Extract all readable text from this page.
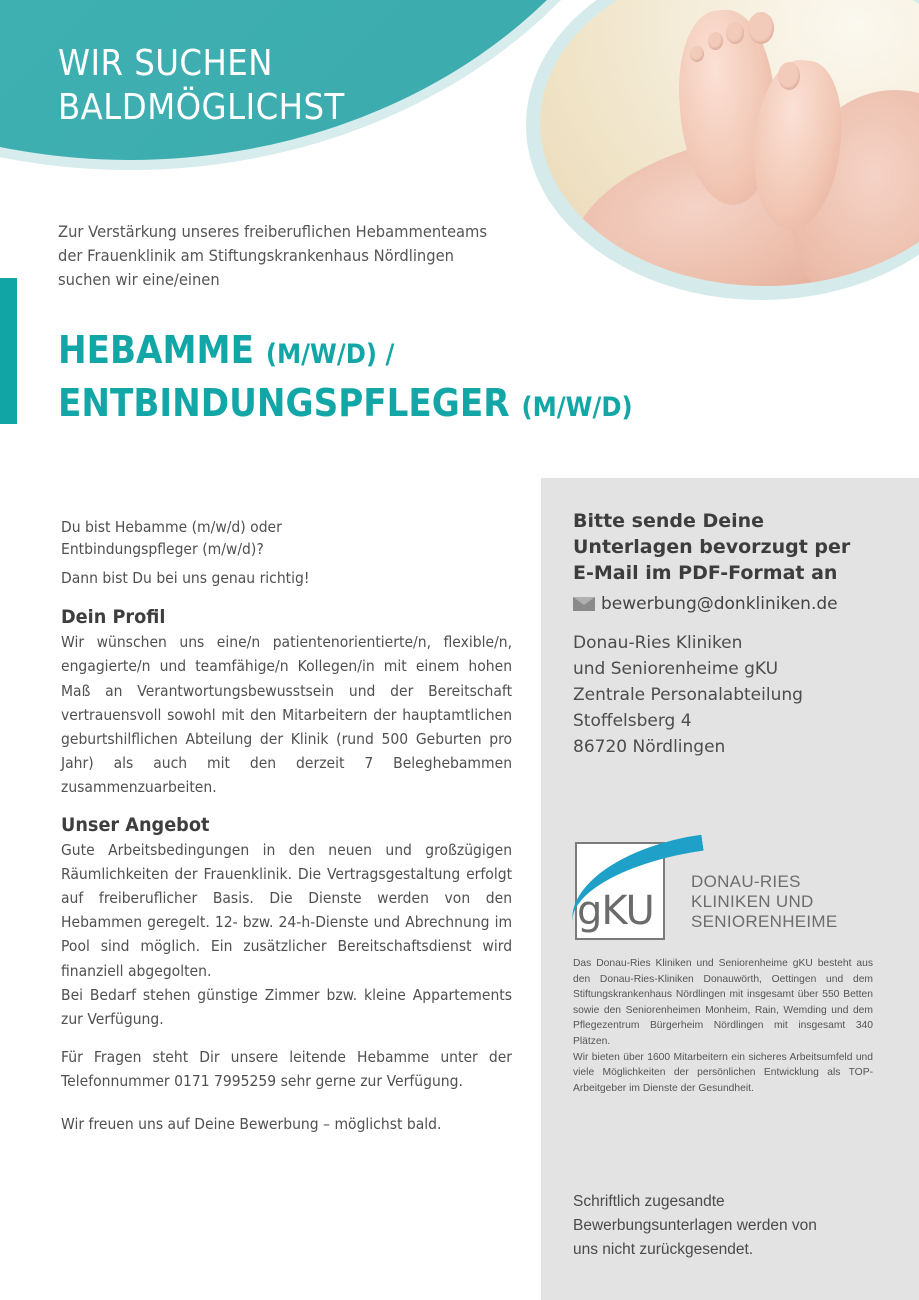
WIR SUCHEN
BALDMÖGLICHST
Zur Verstärkung unseres freiberuflichen Hebammenteams
der Frauenklinik am Stiftungskrankenhaus Nördlingen
suchen wir eine/einen
HEBAMME (M/W/D) /
ENTBINDUNGSPFLEGER (M/W/D)

Du bist Hebamme (m/w/d) oder

Entbindungspfleger (m/w/d)?

Dann bist Du bei uns genau richtig!

Dein Profil

Wir wünschen uns eine/n patientenorientierte/n, flexible/n, engagierte/n und teamfähige/n Kollegen/in mit einem hohen Maß an Verantwortungsbewusstsein und der Bereitschaft vertrauensvoll sowohl mit den Mitarbeitern der hauptamtlichen geburtshilflichen Abteilung der Klinik (rund 500 Geburten pro Jahr) als auch mit den derzeit 7 Beleghebammen zusammenzuarbeiten.

Unser Angebot

Gute Arbeitsbedingungen in den neuen und großzügigen Räumlichkeiten der Frauenklinik. Die Vertragsgestaltung erfolgt auf freiberuflicher Basis. Die Dienste werden von den Hebammen geregelt. 12- bzw. 24-h-Dienste und Abrechnung im Pool sind möglich. Ein zusätzlicher Bereitschaftsdienst wird finanziell abgegolten.

Bei Bedarf stehen günstige Zimmer bzw. kleine Appartements zur Verfügung.

Für Fragen steht Dir unsere leitende Hebamme unter der Telefonnummer 0171 7995259 sehr gerne zur Verfügung.

Wir freuen uns auf Deine Bewerbung – möglichst bald.

Bitte sende Deine
Unterlagen bevorzugt per
E-Mail im PDF-Format an
bewerbung@donkliniken.de
Donau-Ries Kliniken
und Seniorenheime gKU
Zentrale Personalabteilung
Stoffelsberg 4
86720 Nördlingen
gKU
DONAU-RIES
KLINIKEN UND
SENIORENHEIME
Das Donau-Ries Kliniken und Seniorenheime gKU besteht aus den Donau-Ries-Kliniken Donauwörth, Oettingen und dem Stiftungskrankenhaus Nördlingen mit insgesamt über 550 Betten sowie den Seniorenheimen Monheim, Rain, Wemding und dem Pflegezentrum Bürgerheim Nördlingen mit insgesamt 340 Plätzen.
Wir bieten über 1600 Mitarbeitern ein sicheres Arbeitsumfeld und viele Möglichkeiten der persönlichen Entwicklung als TOP-Arbeitgeber im Dienste der Gesundheit.
Schriftlich zugesandte
Bewerbungsunterlagen werden von
uns nicht zurückgesendet.
